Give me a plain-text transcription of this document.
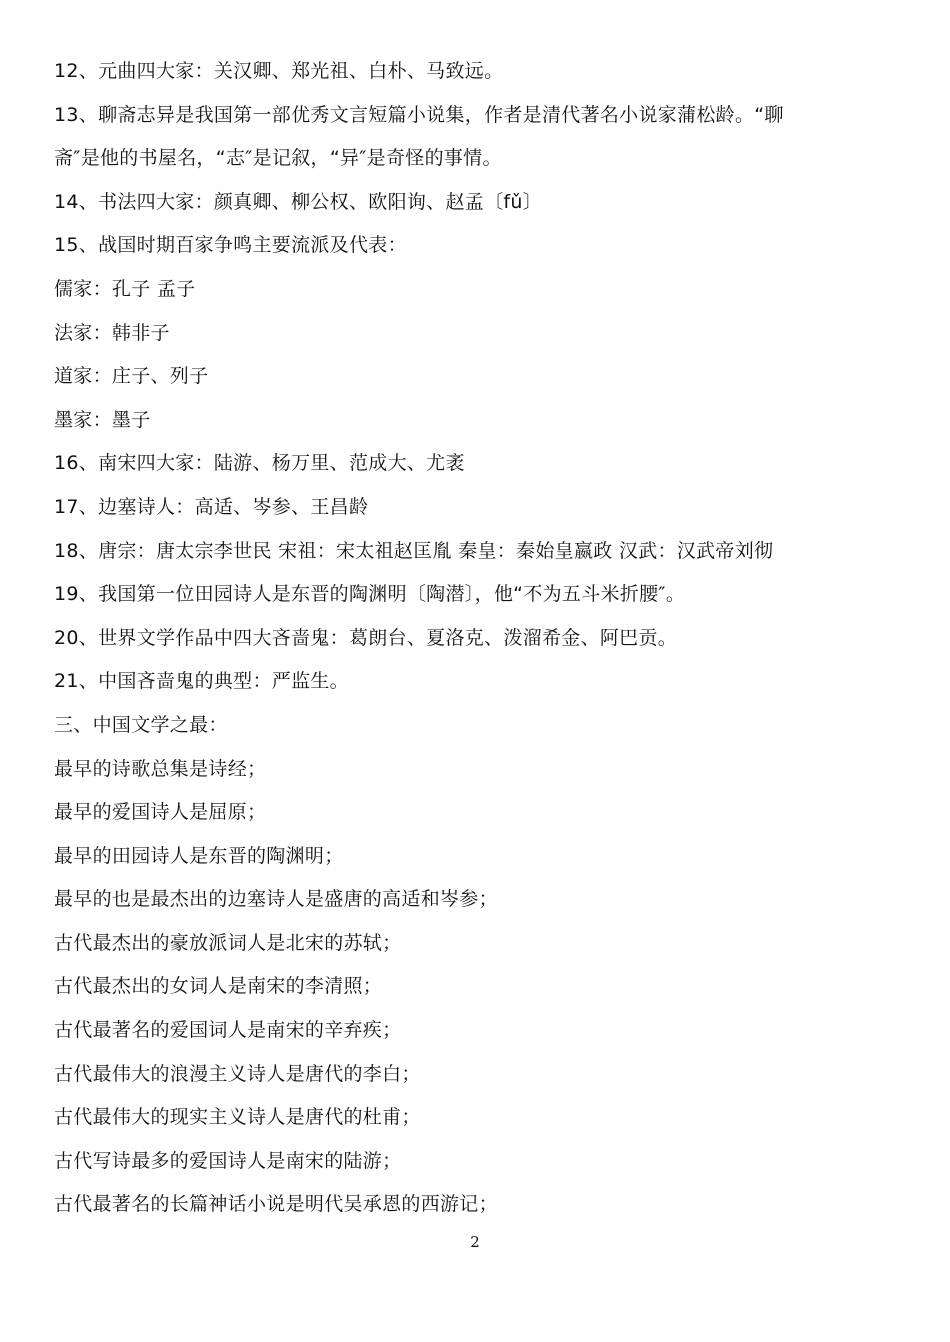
12、元曲四大家：关汉卿、郑光祖、白朴、马致远。
13、聊斋志异是我国第一部优秀文言短篇小说集，作者是清代著名小说家蒲松龄。“聊
斋″是他的书屋名，“志″是记叙，“异″是奇怪的事情。
14、书法四大家：颜真卿、柳公权、欧阳询、赵孟〔fǔ〕
15、战国时期百家争鸣主要流派及代表：
儒家：孔子 孟子
法家：韩非子
道家：庄子、列子
墨家：墨子
16、南宋四大家：陆游、杨万里、范成大、尤袤
17、边塞诗人：高适、岑参、王昌龄
18、唐宗：唐太宗李世民 宋祖：宋太祖赵匡胤 秦皇：秦始皇嬴政 汉武：汉武帝刘彻
19、我国第一位田园诗人是东晋的陶渊明〔陶潜〕，他“不为五斗米折腰″。
20、世界文学作品中四大吝啬鬼：葛朗台、夏洛克、泼溜希金、阿巴贡。
21、中国吝啬鬼的典型：严监生。
三、中国文学之最：
最早的诗歌总集是诗经；
最早的爱国诗人是屈原；
最早的田园诗人是东晋的陶渊明；
最早的也是最杰出的边塞诗人是盛唐的高适和岑参；
古代最杰出的豪放派词人是北宋的苏轼；
古代最杰出的女词人是南宋的李清照；
古代最著名的爱国词人是南宋的辛弃疾；
古代最伟大的浪漫主义诗人是唐代的李白；
古代最伟大的现实主义诗人是唐代的杜甫；
古代写诗最多的爱国诗人是南宋的陆游；
古代最著名的长篇神话小说是明代吴承恩的西游记；
2
